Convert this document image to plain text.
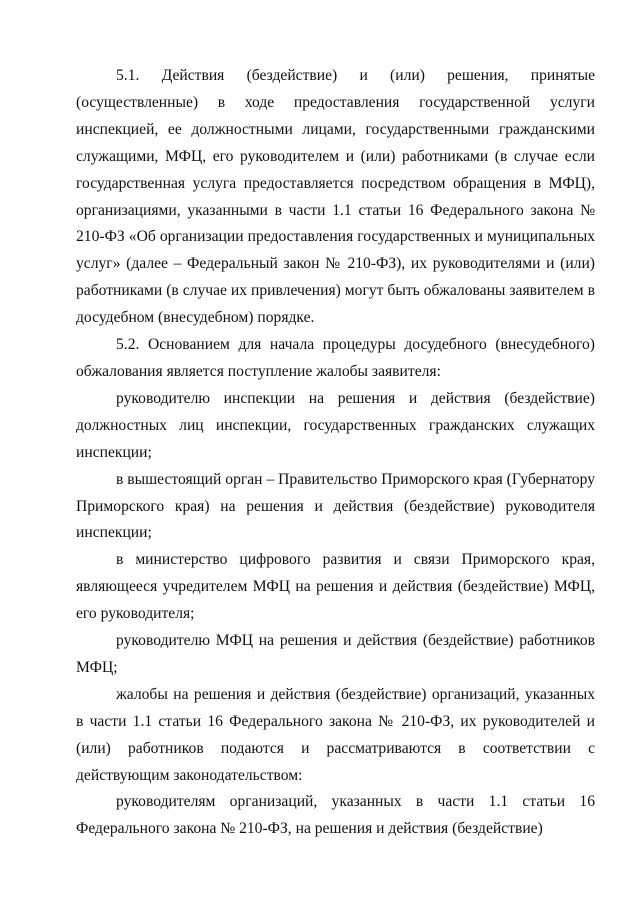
5.1. Действия (бездействие) и (или) решения, принятые (осуществленные) в ходе предоставления государственной услуги инспекцией, ее должностными лицами, государственными гражданскими служащими, МФЦ, его руководителем и (или) работниками (в случае если государственная услуга предоставляется посредством обращения в МФЦ), организациями, указанными в части 1.1 статьи 16 Федерального закона № 210-ФЗ «Об организации предоставления государственных и муниципальных услуг» (далее – Федеральный закон № 210-ФЗ), их руководителями и (или) работниками (в случае их привлечения) могут быть обжалованы заявителем в досудебном (внесудебном) порядке.

5.2. Основанием для начала процедуры досудебного (внесудебного) обжалования является поступление жалобы заявителя:

руководителю инспекции на решения и действия (бездействие) должностных лиц инспекции, государственных гражданских служащих инспекции;

в вышестоящий орган – Правительство Приморского края (Губернатору Приморского края) на решения и действия (бездействие) руководителя инспекции;

в министерство цифрового развития и связи Приморского края, являющееся учредителем МФЦ на решения и действия (бездействие) МФЦ, его руководителя;

руководителю МФЦ на решения и действия (бездействие) работников МФЦ;

жалобы на решения и действия (бездействие) организаций, указанных в части 1.1 статьи 16 Федерального закона № 210-ФЗ, их руководителей и (или) работников подаются и рассматриваются в соответствии с действующим законодательством:

руководителям организаций, указанных в части 1.1 статьи 16 Федерального закона № 210-ФЗ, на решения и действия (бездействие)
